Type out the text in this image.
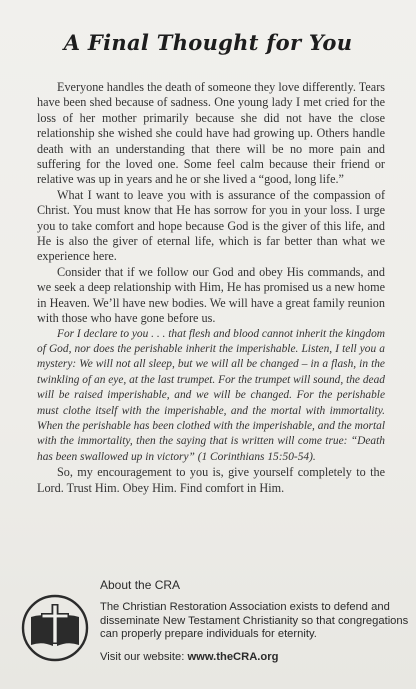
A Final Thought for You

Everyone handles the death of someone they love differently. Tears have been shed because of sadness. One young lady I met cried for the loss of her mother primarily because she did not have the close relationship she wished she could have had growing up. Others handle death with an understanding that there will be no more pain and suffering for the loved one. Some feel calm because their friend or relative was up in years and he or she lived a “good, long life.”

What I want to leave you with is assurance of the compassion of Christ. You must know that He has sorrow for you in your loss. I urge you to take comfort and hope because God is the giver of this life, and He is also the giver of eternal life, which is far better than what we experience here.

Consider that if we follow our God and obey His commands, and we seek a deep relationship with Him, He has promised us a new home in Heaven. We’ll have new bodies. We will have a great family reunion with those who have gone before us.

For I declare to you . . . that flesh and blood cannot inherit the kingdom of God, nor does the perishable inherit the imperishable. Listen, I tell you a mystery: We will not all sleep, but we will all be changed – in a flash, in the twinkling of an eye, at the last trumpet. For the trumpet will sound, the dead will be raised imperishable, and we will be changed. For the perishable must clothe itself with the imperishable, and the mortal with immortality. When the perishable has been clothed with the imperishable, and the mortal with the immortality, then the saying that is written will come true: “Death has been swallowed up in victory” (1 Corinthians 15:50-54).

So, my encouragement to you is, give yourself completely to the Lord. Trust Him. Obey Him. Find comfort in Him.

About the CRA
The Christian Restoration Association exists to defend and disseminate New Testament Christianity so that congregations can properly prepare individuals for eternity.
Visit our website: www.theCRA.org
